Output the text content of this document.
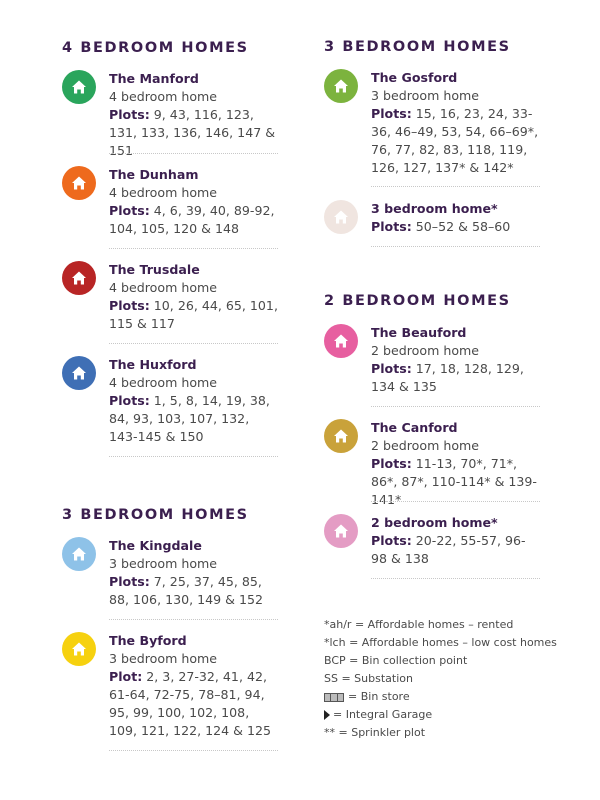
4 BEDROOM HOMES
The Manford
4 bedroom home
Plots: 9, 43, 116, 123, 131, 133, 136, 146, 147 & 151
The Dunham
4 bedroom home
Plots: 4, 6, 39, 40, 89-92, 104, 105, 120 & 148
The Trusdale
4 bedroom home
Plots: 10, 26, 44, 65, 101, 115 & 117
The Huxford
4 bedroom home
Plots: 1, 5, 8, 14, 19, 38, 84, 93, 103, 107, 132, 143-145 & 150
3 BEDROOM HOMES
The Kingdale
3 bedroom home
Plots: 7, 25, 37, 45, 85, 88, 106, 130, 149 & 152
The Byford
3 bedroom home
Plot: 2, 3, 27-32, 41, 42, 61-64, 72-75, 78–81, 94, 95, 99, 100, 102, 108, 109, 121, 122, 124 & 125
3 BEDROOM HOMES
The Gosford
3 bedroom home
Plots: 15, 16, 23, 24, 33-36, 46–49, 53, 54, 66–69*, 76, 77, 82, 83, 118, 119, 126, 127, 137* & 142*
3 bedroom home*
Plots: 50–52 & 58–60
2 BEDROOM HOMES
The Beauford
2 bedroom home
Plots: 17, 18, 128, 129, 134 & 135
The Canford
2 bedroom home
Plots: 11-13, 70*, 71*, 86*, 87*, 110-114* & 139-141*
2 bedroom home*
Plots: 20-22, 55-57, 96-98 & 138
*ah/r = Affordable homes – rented
*lch = Affordable homes – low cost homes
BCP = Bin collection point
SS = Substation
= Bin store
= Integral Garage
** = Sprinkler plot
